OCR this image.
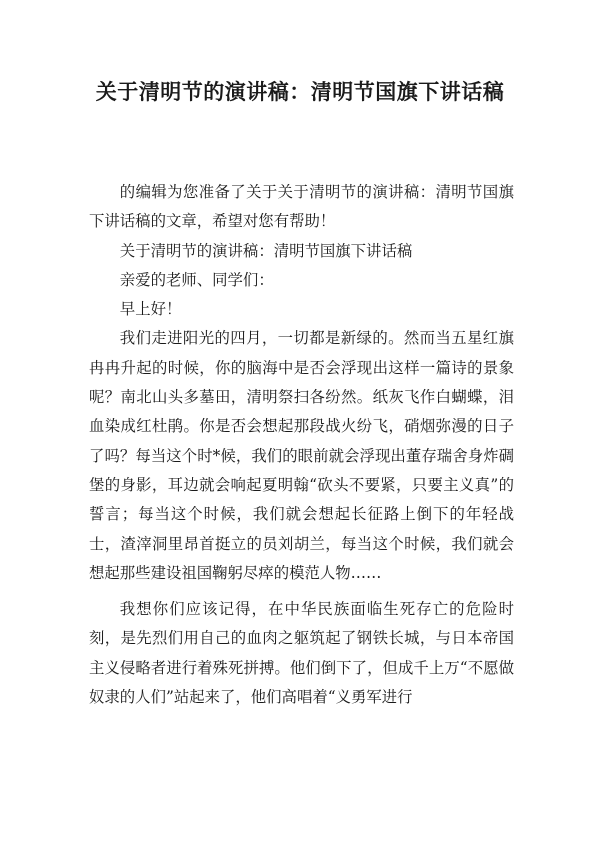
关于清明节的演讲稿：清明节国旗下讲话稿

的编辑为您准备了关于关于清明节的演讲稿：清明节国旗下讲话稿的文章，希望对您有帮助！

关于清明节的演讲稿：清明节国旗下讲话稿

亲爱的老师、同学们：

早上好！

我们走进阳光的四月，一切都是新绿的。然而当五星红旗冉冉升起的时候，你的脑海中是否会浮现出这样一篇诗的景象呢？南北山头多墓田，清明祭扫各纷然。纸灰飞作白蝴蝶，泪血染成红杜鹃。你是否会想起那段战火纷飞，硝烟弥漫的日子了吗？每当这个时*候，我们的眼前就会浮现出董存瑞舍身炸碉堡的身影，耳边就会响起夏明翰“砍头不要紧，只要主义真”的誓言；每当这个时候，我们就会想起长征路上倒下的年轻战士，渣滓洞里昂首挺立的员刘胡兰，每当这个时候，我们就会想起那些建设祖国鞠躬尽瘁的模范人物……

我想你们应该记得，在中华民族面临生死存亡的危险时刻，是先烈们用自己的血肉之躯筑起了钢铁长城，与日本帝国主义侵略者进行着殊死拼搏。他们倒下了，但成千上万“不愿做奴隶的人们”站起来了，他们高唱着“义勇军进行
